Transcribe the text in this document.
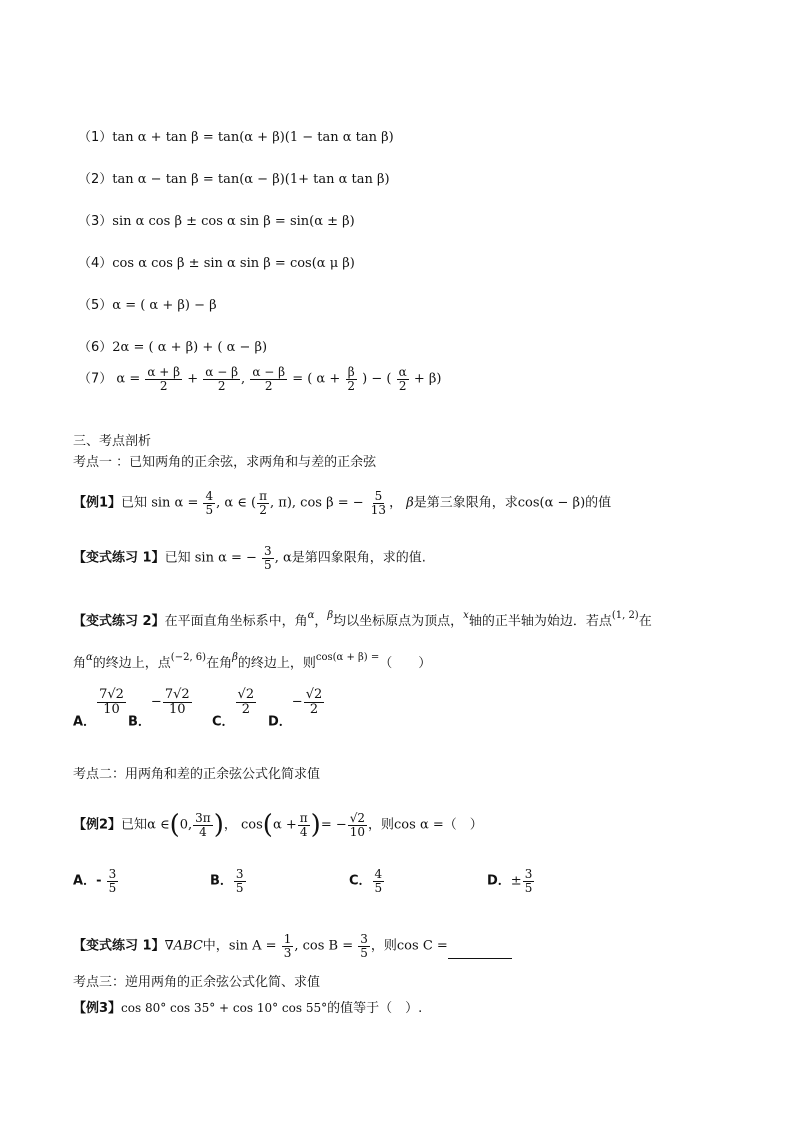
（1）tan α + tan β = tan(α + β)(1 − tan α tan β)
（2）tan α − tan β = tan(α − β)(1+ tan α tan β)
（3）sin α cos β ± cos α sin β = sin(α ± β)
（4）cos α cos β ± sin α sin β = cos(α μ β)
（5）α = ( α + β) − β
（6）2α = ( α + β) + ( α − β)
（7） $\alpha = \frac{\alpha + \beta}{2} + \frac{\alpha - \beta}{2}$ , $\frac{\alpha - \beta}{2}$ = ( $\alpha + \frac{\beta}{2}$ ) − ( $\frac{\alpha}{2} + \beta$)
三、考点剖析
考点一 ：已知两角的正余弦，求两角和与差的正余弦
【例1】已知 $\sin \alpha = \frac{4}{5}$ , α ∈ ( $\frac{\pi}{2}$ , π), cos β = − $\frac{5}{13}$ ， β是第三象限角，求cos(α − β)的值
【变式练习 1】已知 sin α = − $\frac{3}{5}$ , α是第四象限角，求的值.
【变式练习 2】在平面直角坐标系中，角$^\alpha$，$^\beta$均以坐标原点为顶点，$^x$轴的正半轴为始边．若点$^{(1, 2)}$在
角$^\alpha$的终边上，点$^{(-2, 6)}$在角$^\beta$的终边上，则$^{cos(\alpha + \beta) =}$（　　）
A．
$\frac{7√2}{10}$
B．− $\frac{7√2}{10}$
C．
$\frac{√2}{2}$
D．− $\frac{√2}{2}$
考点二：用两角和差的正余弦公式化简求值
【例2】已知α ∈(0, $\frac{3\pi}{4}$ )， $\cos(\alpha + \frac{\pi}{4}$ )= − $\frac{√2}{10}$ ，则cos α =（　）
A．- $\frac{3}{5}$	B． $\frac{3}{5}$	C． $\frac{4}{5}$	D．± $\frac{3}{5}$
【变式练习 1】∇ABC中，$\sin A = \frac{1}{3}$ , $\cos B = \frac{3}{5}$ ，则cos C =
考点三：逆用两角的正余弦公式化简、求值
【例3】cos 80° cos 35° + cos 10° cos 55°的值等于（　）.
